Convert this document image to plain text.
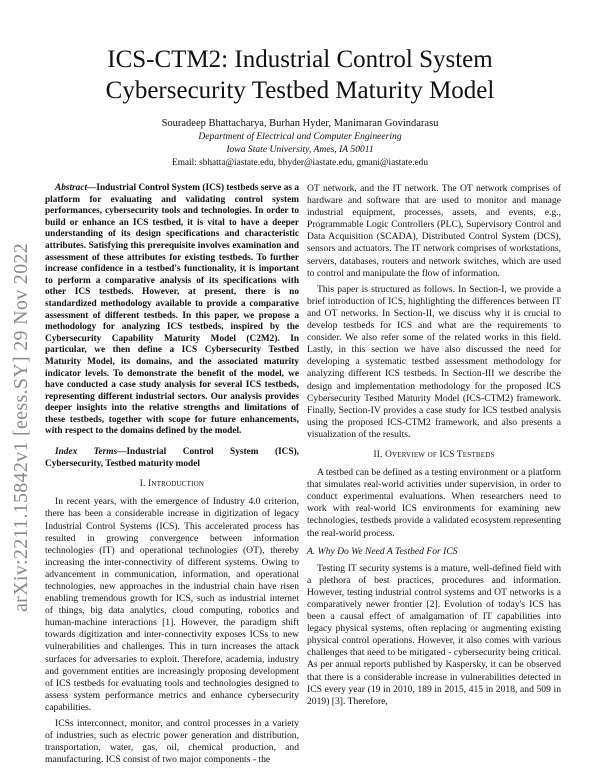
arXiv:2211.15842v1 [eess.SY] 29 Nov 2022
ICS-CTM2: Industrial Control System Cybersecurity Testbed Maturity Model
Souradeep Bhattacharya, Burhan Hyder, Manimaran Govindarasu
Department of Electrical and Computer Engineering
Iowa State University, Ames, IA 50011
Email: sbhatta@iastate.edu, bhyder@iastate.edu, gmani@iastate.edu

Abstract—Industrial Control System (ICS) testbeds serve as a platform for evaluating and validating control system performances, cybersecurity tools and technologies. In order to build or enhance an ICS testbed, it is vital to have a deeper understanding of its design specifications and characteristic attributes. Satisfying this prerequisite involves examination and assessment of these attributes for existing testbeds. To further increase confidence in a testbed's functionality, it is important to perform a comparative analysis of its specifications with other ICS testbeds. However, at present, there is no standardized methodology available to provide a comparative assessment of different testbeds. In this paper, we propose a methodology for analyzing ICS testbeds, inspired by the Cybersecurity Capability Maturity Model (C2M2). In particular, we then define a ICS Cybersecurity Testbed Maturity Model, its domains, and the associated maturity indicator levels. To demonstrate the benefit of the model, we have conducted a case study analysis for several ICS testbeds, representing different industrial sectors. Our analysis provides deeper insights into the relative strengths and limitations of these testbeds, together with scope for future enhancements, with respect to the domains defined by the model.

Index Terms—Industrial Control System (ICS), Cybersecurity, Testbed maturity model

I. Introduction

In recent years, with the emergence of Industry 4.0 criterion, there has been a considerable increase in digitization of legacy Industrial Control Systems (ICS). This accelerated process has resulted in growing convergence between information technologies (IT) and operational technologies (OT), thereby increasing the inter-connectivity of different systems. Owing to advancement in communication, information, and operational technologies, new approaches in the industrial chain have risen enabling tremendous growth for ICS, such as industrial internet of things, big data analytics, cloud computing, robotics and human-machine interactions [1]. However, the paradigm shift towards digitization and inter-connectivity exposes ICSs to new vulnerabilities and challenges. This in turn increases the attack surfaces for adversaries to exploit. Therefore, academia, industry and government entities are increasingly proposing development of ICS testbeds for evaluating tools and technologies designed to assess system performance metrics and enhance cybersecurity capabilities.

ICSs interconnect, monitor, and control processes in a variety of industries, such as electric power generation and distribution, transportation, water, gas, oil, chemical production, and manufacturing. ICS consist of two major components - the

OT network, and the IT network. The OT network comprises of hardware and software that are used to monitor and manage industrial equipment, processes, assets, and events, e.g., Programmable Logic Controllers (PLC), Supervisory Control and Data Acquisition (SCADA), Distributed Control System (DCS), sensors and actuators. The IT network comprises of workstations, servers, databases, routers and network switches, which are used to control and manipulate the flow of information.

This paper is structured as follows. In Section-I, we provide a brief introduction of ICS, highlighting the differences between IT and OT networks. In Section-II, we discuss why it is crucial to develop testbeds for ICS and what are the requirements to consider. We also refer some of the related works in this field. Lastly, in this section we have also discussed the need for developing a systematic testbed assessment methodology for analyzing different ICS testbeds. In Section-III we describe the design and implementation methodology for the proposed ICS Cybersecurity Testbed Maturity Model (ICS-CTM2) framework. Finally, Section-IV provides a case study for ICS testbed analysis using the proposed ICS-CTM2 framework, and also presents a visualization of the results.

II. Overview of ICS Testbeds

A testbed can be defined as a testing environment or a platform that simulates real-world activities under supervision, in order to conduct experimental evaluations. When researchers need to work with real-world ICS environments for examining new technologies, testbeds provide a validated ecosystem representing the real-world process.

A. Why Do We Need A Testbed For ICS

Testing IT security systems is a mature, well-defined field with a plethora of best practices, procedures and information. However, testing industrial control systems and OT networks is a comparatively newer frontier [2]. Evolution of today's ICS has been a causal effect of amalgamation of IT capabilities into legacy physical systems, often replacing or augmenting existing physical control operations. However, it also comes with various challenges that need to be mitigated - cybersecurity being critical. As per annual reports published by Kaspersky, it can be observed that there is a considerable increase in vulnerabilities detected in ICS every year (19 in 2010, 189 in 2015, 415 in 2018, and 509 in 2019) [3]. Therefore,
